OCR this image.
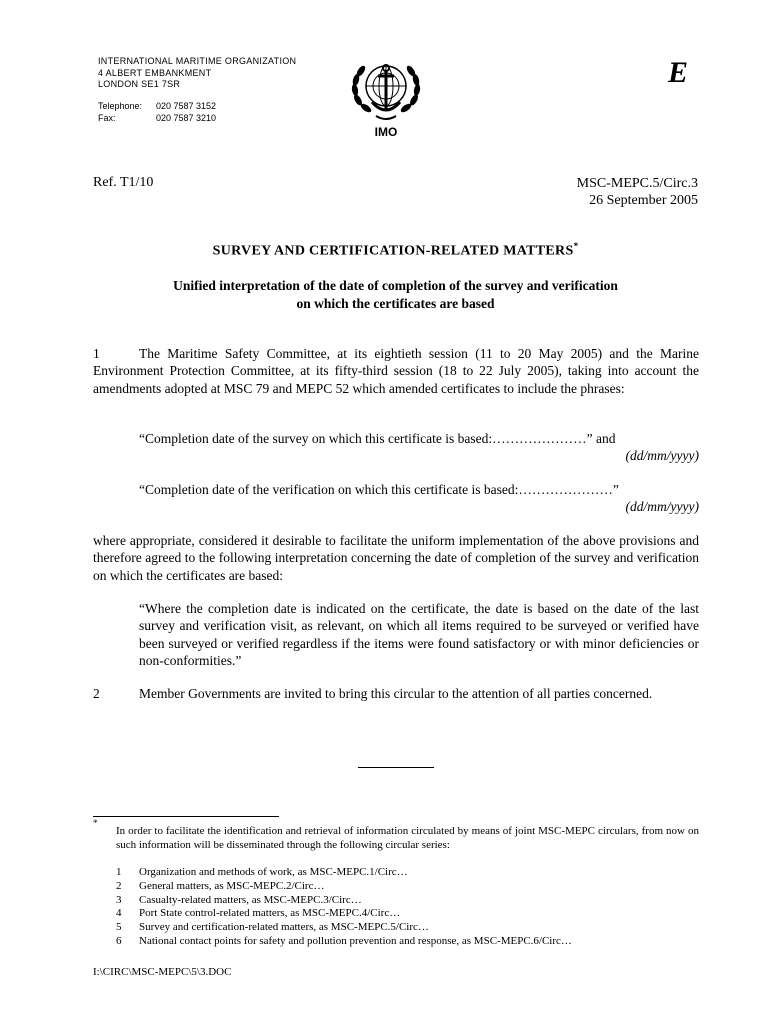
INTERNATIONAL MARITIME ORGANIZATION
4 ALBERT EMBANKMENT
LONDON SE1 7SR
Telephone: 020 7587 3152
Fax:	020 7587 3210
IMO
E
Ref. T1/10	MSC-MEPC.5/Circ.3
26 September 2005
SURVEY AND CERTIFICATION-RELATED MATTERS*
Unified interpretation of the date of completion of the survey and verification
on which the certificates are based
1	The Maritime Safety Committee, at its eightieth session (11 to 20 May 2005) and the Marine Environment Protection Committee, at its fifty-third session (18 to 22 July 2005), taking into account the amendments adopted at MSC 79 and MEPC 52 which amended certificates to include the phrases:
“Completion date of the survey on which this certificate is based:…………………” and
(dd/mm/yyyy)
“Completion date of the verification on which this certificate is based:…………………”
(dd/mm/yyyy)
where appropriate, considered it desirable to facilitate the uniform implementation of the above provisions and therefore agreed to the following interpretation concerning the date of completion of the survey and verification on which the certificates are based:
“Where the completion date is indicated on the certificate, the date is based on the date of the last survey and verification visit, as relevant, on which all items required to be surveyed or verified have been surveyed or verified regardless if the items were found satisfactory or with minor deficiencies or non-conformities.”
2	Member Governments are invited to bring this circular to the attention of all parties concerned.
*
In order to facilitate the identification and retrieval of information circulated by means of joint MSC-MEPC circulars, from now on such information will be disseminated through the following circular series:
1 Organization and methods of work, as MSC-MEPC.1/Circ…
2 General matters, as MSC-MEPC.2/Circ…
3 Casualty-related matters, as MSC-MEPC.3/Circ…
4 Port State control-related matters, as MSC-MEPC.4/Circ…
5 Survey and certification-related matters, as MSC-MEPC.5/Circ…
6 National contact points for safety and pollution prevention and response, as MSC-MEPC.6/Circ…
I:\CIRC\MSC-MEPC\5\3.DOC
